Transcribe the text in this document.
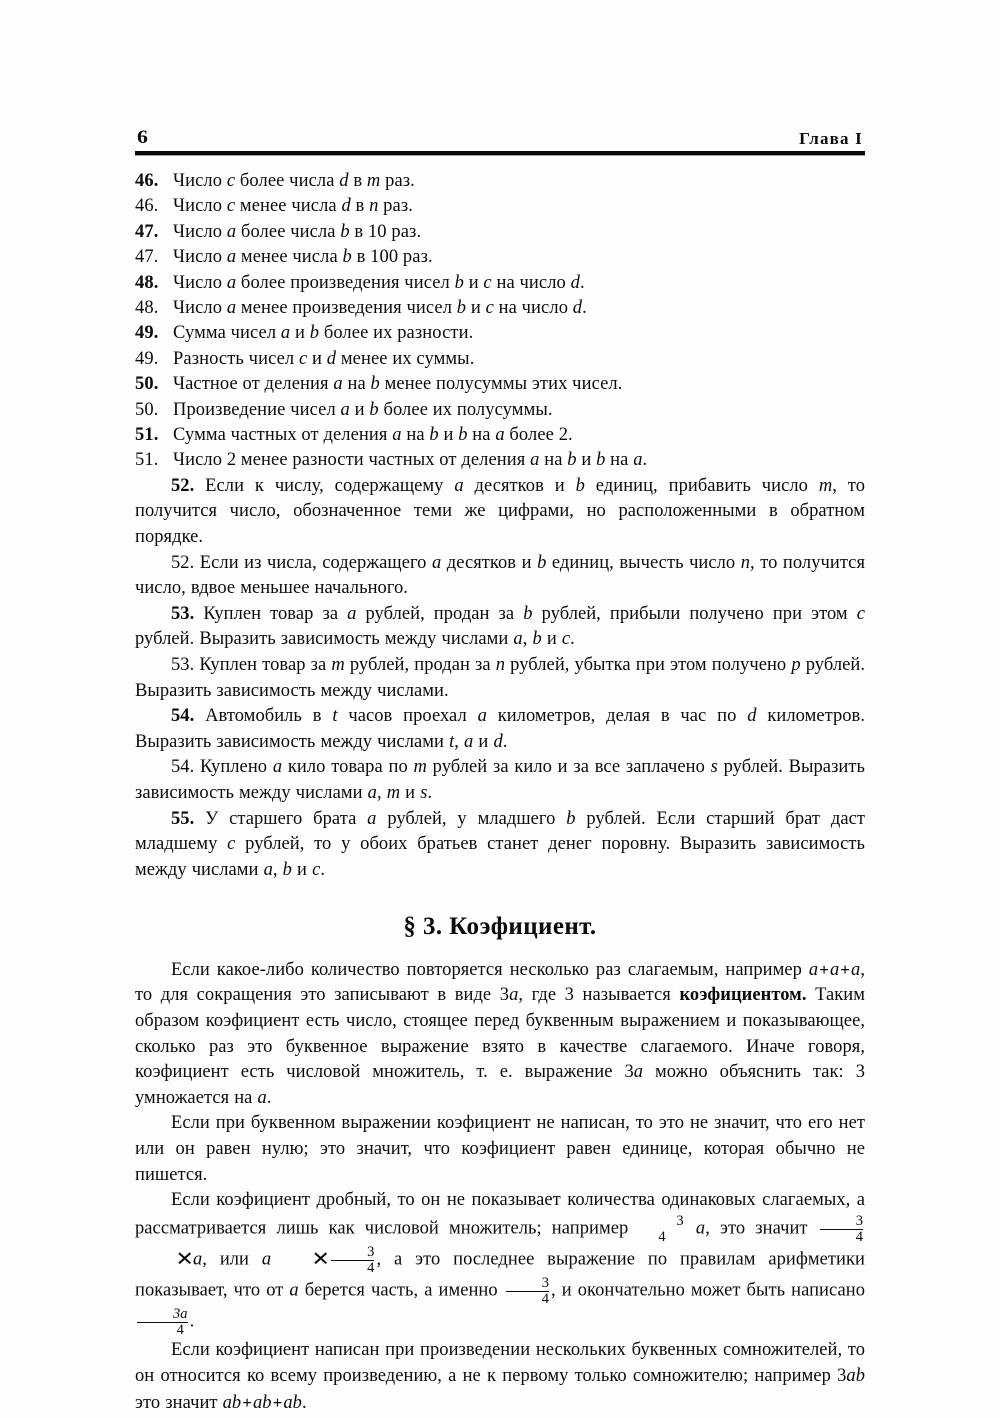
6	Глава I
46. Число c более числа d в m раз.
46. Число c менее числа d в n раз.
47. Число a более числа b в 10 раз.
47. Число a менее числа b в 100 раз.
48. Число a более произведения чисел b и c на число d.
48. Число a менее произведения чисел b и c на число d.
49. Сумма чисел a и b более их разности.
49. Разность чисел c и d менее их суммы.
50. Частное от деления a на b менее полусуммы этих чисел.
50. Произведение чисел a и b более их полусуммы.
51. Сумма частных от деления a на b и b на a более 2.
51. Число 2 менее разности частных от деления a на b и b на a.

52. Если к числу, содержащему a десятков и b единиц, прибавить число m, то получится число, обозначенное теми же цифрами, но расположенными в обратном порядке.

52. Если из числа, содержащего a десятков и b единиц, вычесть число n, то получится число, вдвое меньшее начального.

53. Куплен товар за a рублей, продан за b рублей, прибыли получено при этом c рублей. Выразить зависимость между числами a, b и c.

53. Куплен товар за m рублей, продан за n рублей, убытка при этом получено p рублей. Выразить зависимость между числами.

54. Автомобиль в t часов проехал a километров, делая в час по d километров. Выразить зависимость между числами t, a и d.

54. Куплено a кило товара по m рублей за кило и за все заплачено s рублей. Выразить зависимость между числами a, m и s.

55. У старшего брата a рублей, у младшего b рублей. Если старший брат даст младшему c рублей, то у обоих братьев станет денег поровну. Выразить зависимость между числами a, b и c.

§ 3. Коэфициент.

Если какое-либо количество повторяется несколько раз слагаемым, например a+a+a, то для сокращения это записывают в виде 3a, где 3 называется коэфициентом. Таким образом коэфициент есть число, стоящее перед буквенным выражением и показывающее, сколько раз это буквенное выражение взято в качестве слагаемого. Иначе говоря, коэфициент есть числовой множитель, т. е. выражение 3a можно объяснить так: 3 умножается на a.

Если при буквенном выражении коэфициент не написан, то это не значит, что его нет или он равен нулю; это значит, что коэфициент равен единице, которая обычно не пишется.

Если коэфициент дробный, то он не показывает количества одинаковых слагаемых, а рассматривается лишь как числовой множитель; например	3
4	a, это значит $\frac{3}{4}$
✕a, или a ✕ $\frac{3}{4}$ , а это последнее выражение по правилам арифметики показывает, что от a берется часть, а именно $\frac{3}{4}$ , и окончательно может быть написано
$\frac{3a}{4}$ .

Если коэфициент написан при произведении нескольких буквенных сомножителей, то он относится ко всему произведению, а не к первому только сомножителю; например 3ab это значит ab+ab+ab.
